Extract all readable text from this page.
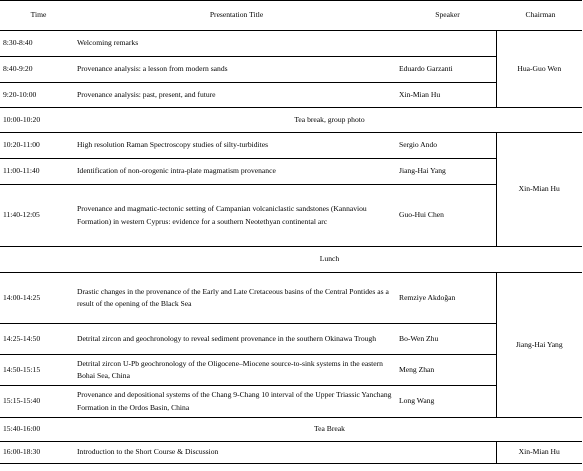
Time	Presentation Title	Speaker	Chairman
8:30-8:40	Welcoming remarks		Hua-Guo Wen
8:40-9:20	Provenance analysis: a lesson from modern sands	Eduardo Garzanti	
9:20-10:00	Provenance analysis: past, present, and future	Xin-Mian Hu	
10:00-10:20	Tea break, group photo		
10:20-11:00	High resolution Raman Spectroscopy studies of silty-turbidites	Sergio Ando	Xin-Mian Hu
11:00-11:40	Identification of non-orogenic intra-plate magmatism provenance	Jiang-Hai Yang	
11:40-12:05	Provenance and magmatic-tectonic setting of Campanian volcaniclastic sandstones (Kannaviou Formation) in western Cyprus: evidence for a southern Neotethyan continental arc	Guo-Hui Chen	
	Lunch		
14:00-14:25	Drastic changes in the provenance of the Early and Late Cretaceous basins of the Central Pontides as a result of the opening of the Black Sea	Remziye Akdoğan	Jiang-Hai Yang
14:25-14:50	Detrital zircon and geochronology to reveal sediment provenance in the southern Okinawa Trough	Bo-Wen Zhu	
14:50-15:15	Detrital zircon U-Pb geochronology of the Oligocene–Miocene source-to-sink systems in the eastern Bohai Sea, China	Meng Zhan	
15:15-15:40	Provenance and depositional systems of the Chang 9-Chang 10 interval of the Upper Triassic Yanchang Formation in the Ordos Basin, China	Long Wang	
15:40-16:00	Tea Break		
16:00-18:30	Introduction to the Short Course & Discussion		Xin-Mian Hu
